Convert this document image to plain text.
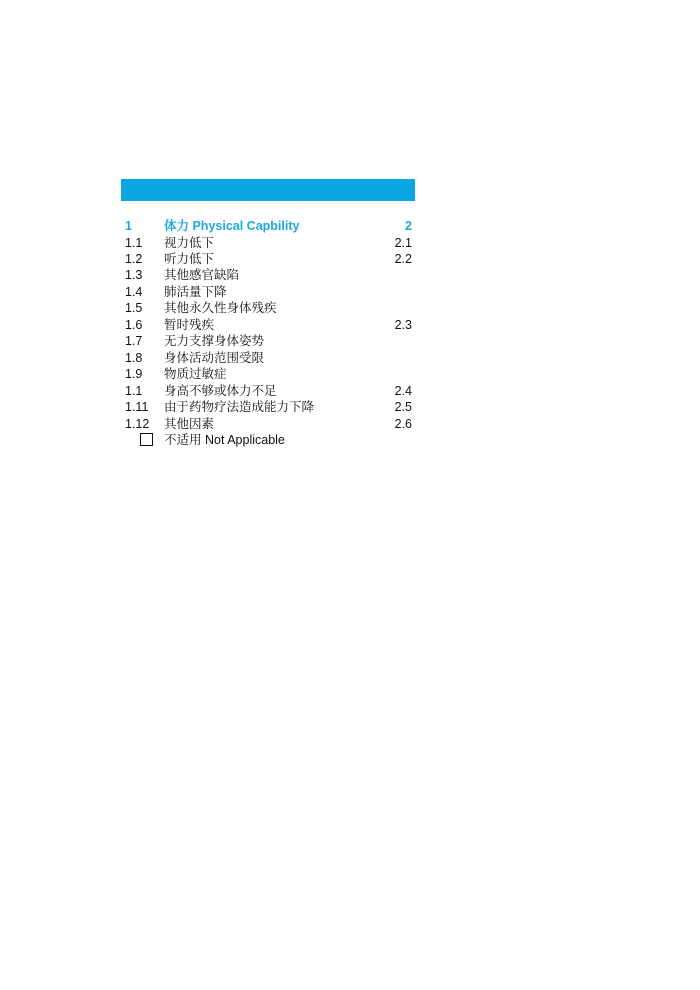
1	体力 Physical Capbility	2
1.1 视力低下	2.1
1.2 听力低下	2.2
1.3 其他感官缺陷
1.4 肺活量下降
1.5 其他永久性身体残疾
1.6 暂时残疾	2.3
1.7 无力支撑身体姿势
1.8 身体活动范围受限
1.9 物质过敏症
1.1 身高不够或体力不足	2.4
1.11 由于药物疗法造成能力下降	2.5
1.12 其他因素	2.6
不适用 Not Applicable
